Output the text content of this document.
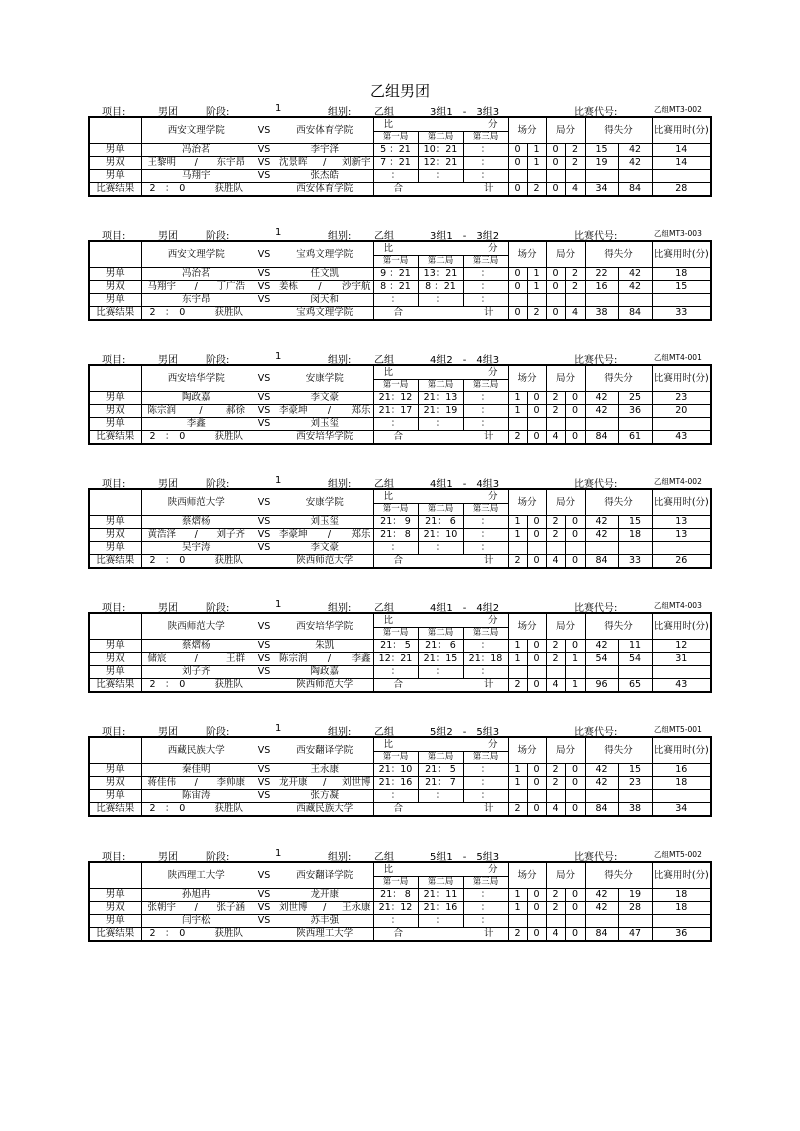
乙组男团
项目:	男团	阶段:	1	组别: 乙组	3组1　-　3组3	比赛代号:	乙组MT3-002
	西安文理学院	VS	西安体育学院	比 分			场分		局分		得失分		比赛用时(分)
				第一局	第二局	第三局							
男单	冯治茗	VS	李宇泽	5 ：21	10：21	：	0	1	0	2	15	42	14
男双	王黎明 / 东宇昂	VS	沈景晖 / 刘新宇	7 ：21	12：21	：	0	1	0	2	19	42	14
男单	马翔宇	VS	张杰皓	：	：	：							
比赛结果	2　：　0 获胜队		西安体育学院	合 计			0	2	0	4	34	84	28
项目:	男团	阶段:	1	组别: 乙组	3组1　-　3组2	比赛代号:	乙组MT3-003
	西安文理学院	VS	宝鸡文理学院	比 分			场分		局分		得失分		比赛用时(分)
				第一局	第二局	第三局							
男单	冯治茗	VS	任文凯	9 ：21	13：21	：	0	1	0	2	22	42	18
男双	马翔宇 / 丁广浩	VS	姜栋 / 沙宇航	8 ：21	8 ：21	：	0	1	0	2	16	42	15
男单	东宇昂	VS	闵天和	：	：	：							
比赛结果	2　：　0 获胜队		宝鸡文理学院	合 计			0	2	0	4	38	84	33
项目:	男团	阶段:	1	组别: 乙组	4组2　-　4组3	比赛代号:	乙组MT4-001
	西安培华学院	VS	安康学院	比 分			场分		局分		得失分		比赛用时(分)
				第一局	第二局	第三局							
男单	陶政嘉	VS	李文豪	21：12	21：13	：	1	0	2	0	42	25	23
男双	陈宗润 / 郝徐	VS	李豪坤 / 郑乐	21：17	21：19	：	1	0	2	0	42	36	20
男单	李鑫	VS	刘玉玺	：	：	：							
比赛结果	2　：　0 获胜队		西安培华学院	合 计			2	0	4	0	84	61	43
项目:	男团	阶段:	1	组别: 乙组	4组1　-　4组3	比赛代号:	乙组MT4-002
	陕西师范大学	VS	安康学院	比 分			场分		局分		得失分		比赛用时(分)
				第一局	第二局	第三局							
男单	蔡熠杨	VS	刘玉玺	21： 9	21： 6	：	1	0	2	0	42	15	13
男双	黄浩泽 / 刘子齐	VS	李豪坤 / 郑乐	21： 8	21：10	：	1	0	2	0	42	18	13
男单	吴宇涛	VS	李文豪	：	：	：							
比赛结果	2　：　0 获胜队		陕西师范大学	合 计			2	0	4	0	84	33	26
项目:	男团	阶段:	1	组别: 乙组	4组1　-　4组2	比赛代号:	乙组MT4-003
	陕西师范大学	VS	西安培华学院	比 分			场分		局分		得失分		比赛用时(分)
				第一局	第二局	第三局							
男单	蔡熠杨	VS	朱凯	21： 5	21： 6	：	1	0	2	0	42	11	12
男双	储宸 / 王群	VS	陈宗润 / 李鑫	12：21	21：15	21：18	1	0	2	1	54	54	31
男单	刘子齐	VS	陶政嘉	：	：	：							
比赛结果	2　：　0 获胜队		陕西师范大学	合 计			2	0	4	1	96	65	43
项目:	男团	阶段:	1	组别: 乙组	5组2　-　5组3	比赛代号:	乙组MT5-001
	西藏民族大学	VS	西安翻译学院	比 分			场分		局分		得失分		比赛用时(分)
				第一局	第二局	第三局							
男单	秦佳明	VS	王永康	21：10	21： 5	：	1	0	2	0	42	15	16
男双	蒋佳伟 / 李帅康	VS	龙开康 / 刘世博	21：16	21： 7	：	1	0	2	0	42	23	18
男单	陈宙涛	VS	张方凝	：	：	：							
比赛结果	2　：　0 获胜队		西藏民族大学	合 计			2	0	4	0	84	38	34
项目:	男团	阶段:	1	组别: 乙组	5组1　-　5组3	比赛代号:	乙组MT5-002
	陕西理工大学	VS	西安翻译学院	比 分			场分		局分		得失分		比赛用时(分)
				第一局	第二局	第三局							
男单	孙旭冉	VS	龙开康	21： 8	21：11	：	1	0	2	0	42	19	18
男双	张朝宇 / 张子涵	VS	刘世博 / 王永康	21：12	21：16	：	1	0	2	0	42	28	18
男单	闫宇松	VS	苏丰强	：	：	：							
比赛结果	2　：　0 获胜队		陕西理工大学	合 计			2	0	4	0	84	47	36
